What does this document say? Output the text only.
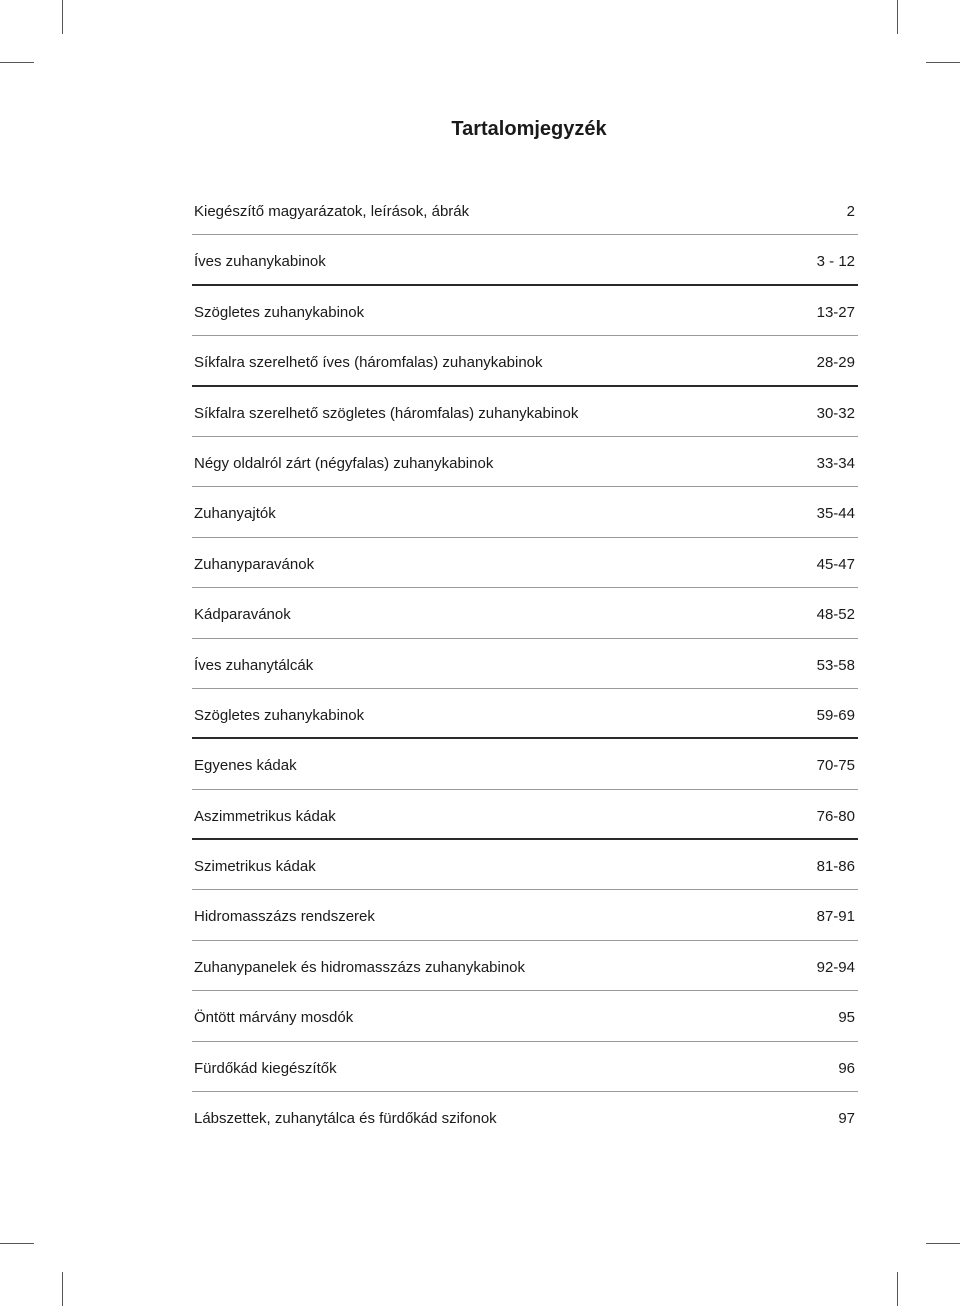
Tartalomjegyzék
Kiegészítő magyarázatok, leírások, ábrák	2
Íves zuhanykabinok	3 - 12
Szögletes zuhanykabinok	13-27
Síkfalra szerelhető íves (háromfalas) zuhanykabinok	28-29
Síkfalra szerelhető szögletes (háromfalas) zuhanykabinok	30-32
Négy oldalról zárt (négyfalas) zuhanykabinok	33-34
Zuhanyajtók	35-44
Zuhanyparavánok	45-47
Kádparavánok	48-52
Íves zuhanytálcák	53-58
Szögletes zuhanykabinok	59-69
Egyenes kádak	70-75
Aszimmetrikus kádak	76-80
Szimetrikus kádak	81-86
Hidromasszázs rendszerek	87-91
Zuhanypanelek és hidromasszázs zuhanykabinok	92-94
Öntött márvány mosdók	95
Fürdőkád kiegészítők	96
Lábszettek, zuhanytálca és fürdőkád szifonok	97
